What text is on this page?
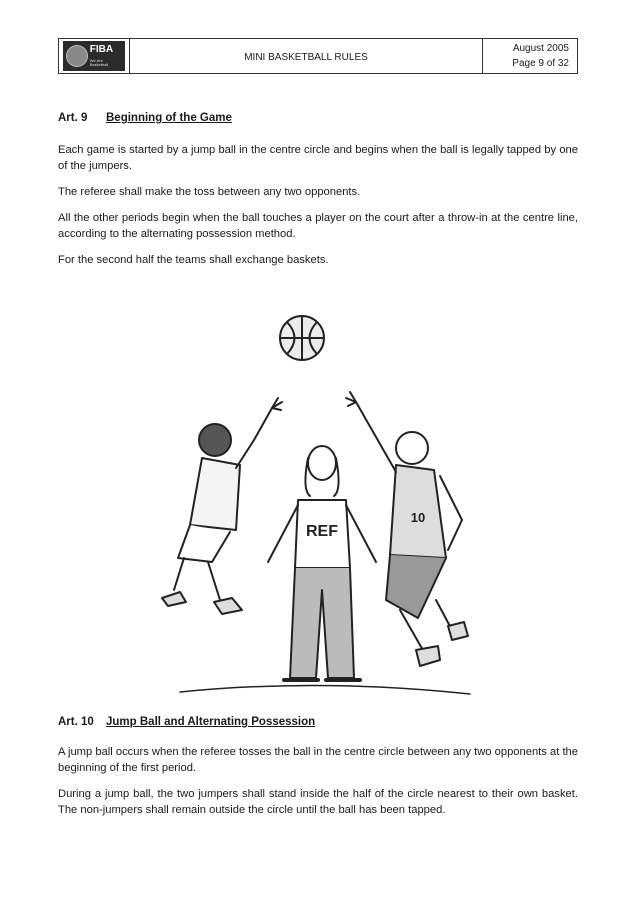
FIBA
We Are Basketball
MINI BASKETBALL RULES
August 2005
Page 9 of 32

Art. 9 Beginning of the Game

Each game is started by a jump ball in the centre circle and begins when the ball is legally tapped by one of the jumpers.

The referee shall make the toss between any two opponents.

All the other periods begin when the ball touches a player on the court after a throw-in at the centre line, according to the alternating possession method.

For the second half the teams shall exchange baskets.

REF
10

Art. 10 Jump Ball and Alternating Possession

A jump ball occurs when the referee tosses the ball in the centre circle between any two opponents at the beginning of the first period.

During a jump ball, the two jumpers shall stand inside the half of the circle nearest to their own basket. The non-jumpers shall remain outside the circle until the ball has been tapped.
